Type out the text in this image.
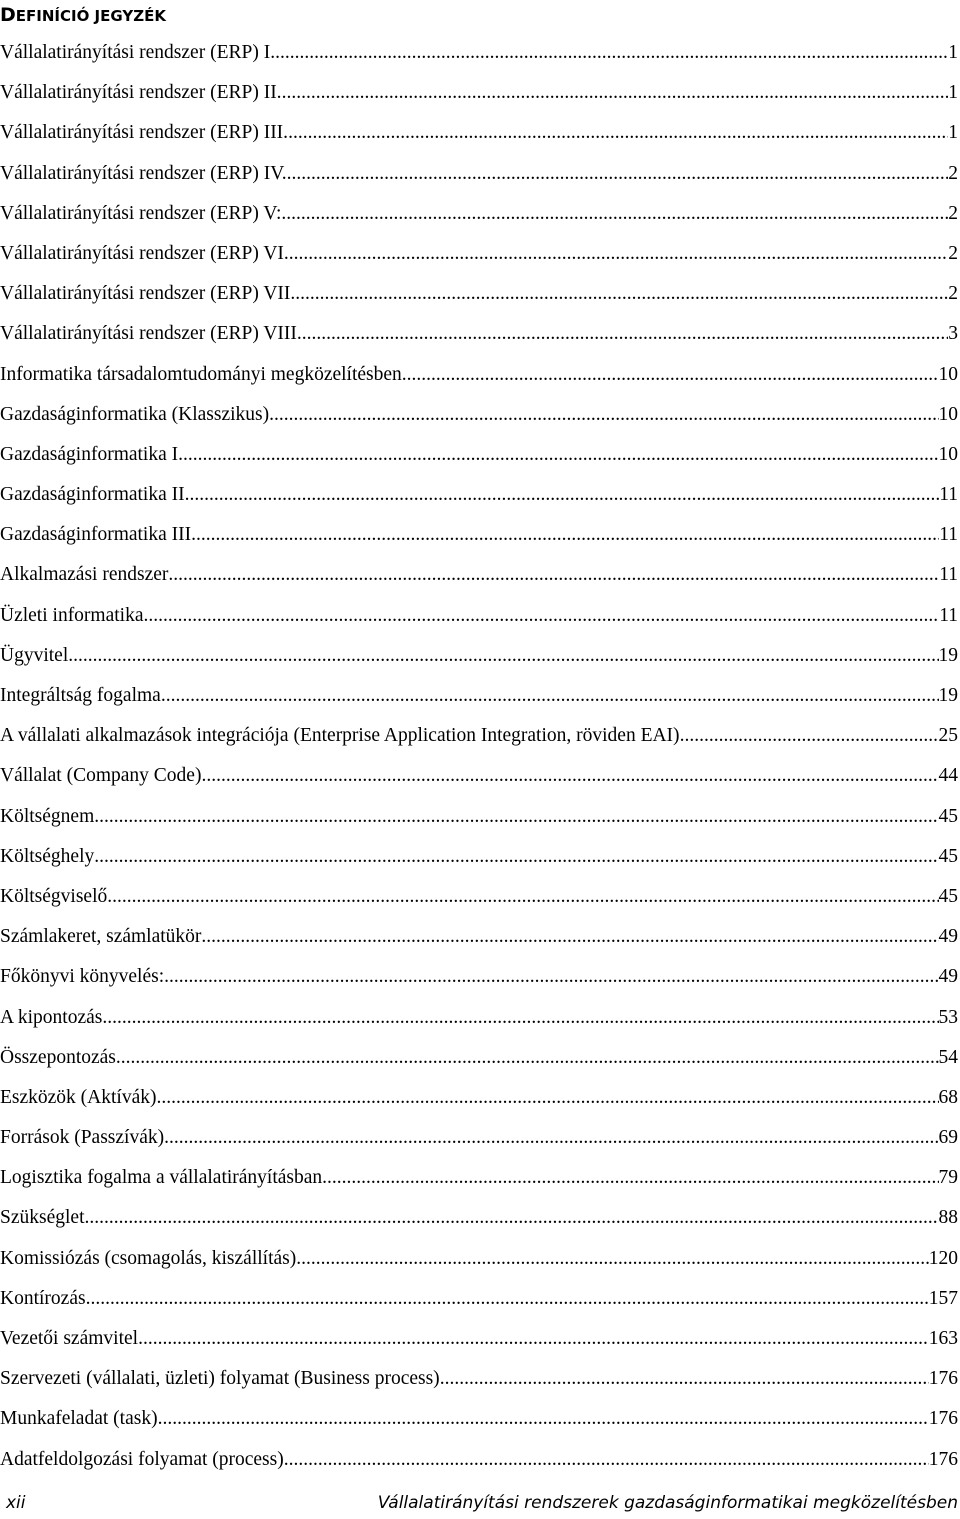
DEFINÍCIÓ JEGYZÉK
Vállalatirányítási rendszer (ERP) I. .....	1
Vállalatirányítási rendszer (ERP) II. .....	1
Vállalatirányítási rendszer (ERP) III. .....	1
Vállalatirányítási rendszer (ERP) IV. .....	2
Vállalatirányítási rendszer (ERP) V: .....	2
Vállalatirányítási rendszer (ERP) VI. .....	2
Vállalatirányítási rendszer (ERP) VII. .....	2
Vállalatirányítási rendszer (ERP) VIII. .....	3
Informatika társadalomtudományi megközelítésben .....	10
Gazdaságinformatika (Klasszikus) .....	10
Gazdaságinformatika I. .....	10
Gazdaságinformatika II. .....	11
Gazdaságinformatika III. .....	11
Alkalmazási rendszer .....	11
Üzleti informatika .....	11
Ügyvitel .....	19
Integráltság fogalma .....	19
A vállalati alkalmazások integrációja (Enterprise Application Integration, röviden EAI) .....	25
Vállalat (Company Code) .....	44
Költségnem .....	45
Költséghely .....	45
Költségviselő .....	45
Számlakeret, számlatükör .....	49
Főkönyvi könyvelés: .....	49
A kipontozás .....	53
Összepontozás .....	54
Eszközök (Aktívák) .....	68
Források (Passzívák) .....	69
Logisztika fogalma a vállalatirányításban .....	79
Szükséglet .....	88
Komissiózás (csomagolás, kiszállítás) .....	120
Kontírozás .....	157
Vezetői számvitel .....	163
Szervezeti (vállalati, üzleti) folyamat (Business process) .....	176
Munkafeladat (task) .....	176
Adatfeldolgozási folyamat (process). .....	176
xii	Vállalatirányítási rendszerek gazdaságinformatikai megközelítésben
